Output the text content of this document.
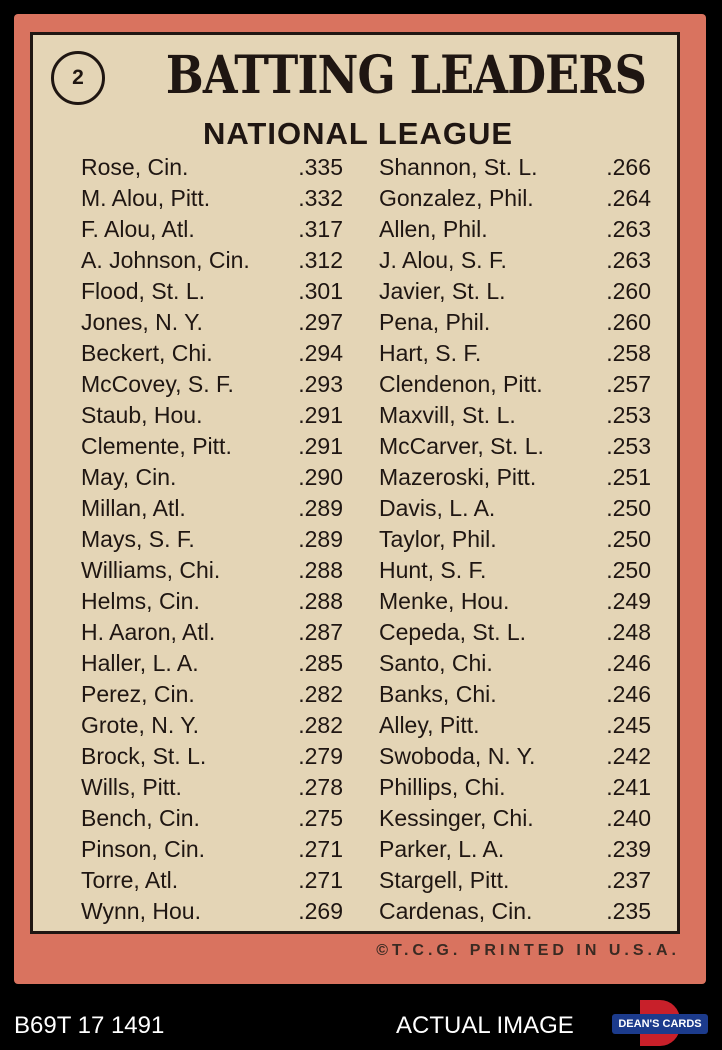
2	BATTING LEADERS
NATIONAL LEAGUE
Rose, Cin.	.335
M. Alou, Pitt.	.332
F. Alou, Atl.	.317
A. Johnson, Cin. .312
Flood, St. L.	.301
Jones, N. Y.	.297
Beckert, Chi.	.294
McCovey, S. F.	.293
Staub, Hou.	.291
Clemente, Pitt.	.291
May, Cin.	.290
Millan, Atl.	.289
Mays, S. F.	.289
Williams, Chi.	.288
Helms, Cin.	.288
H. Aaron, Atl.	.287
Haller, L. A.	.285
Perez, Cin.	.282
Grote, N. Y.	.282
Brock, St. L.	.279
Wills, Pitt.	.278
Bench, Cin.	.275
Pinson, Cin.	.271
Torre, Atl.	.271
Wynn, Hou.	.269
Shannon, St. L.	.266
Gonzalez, Phil.	.264
Allen, Phil.	.263
J. Alou, S. F.	.263
Javier, St. L.	.260
Pena, Phil.	.260
Hart, S. F.	.258
Clendenon, Pitt.	.257
Maxvill, St. L.	.253
McCarver, St. L.	.253
Mazeroski, Pitt.	.251
Davis, L. A.	.250
Taylor, Phil.	.250
Hunt, S. F.	.250
Menke, Hou.	.249
Cepeda, St. L.	.248
Santo, Chi.	.246
Banks, Chi.	.246
Alley, Pitt.	.245
Swoboda, N. Y.	.242
Phillips, Chi.	.241
Kessinger, Chi.	.240
Parker, L. A.	.239
Stargell, Pitt.	.237
Cardenas, Cin.	.235
©T.C.G. PRINTED IN U.S.A.
B69T 17 1491	ACTUAL IMAGE	DEAN'S CARDS
